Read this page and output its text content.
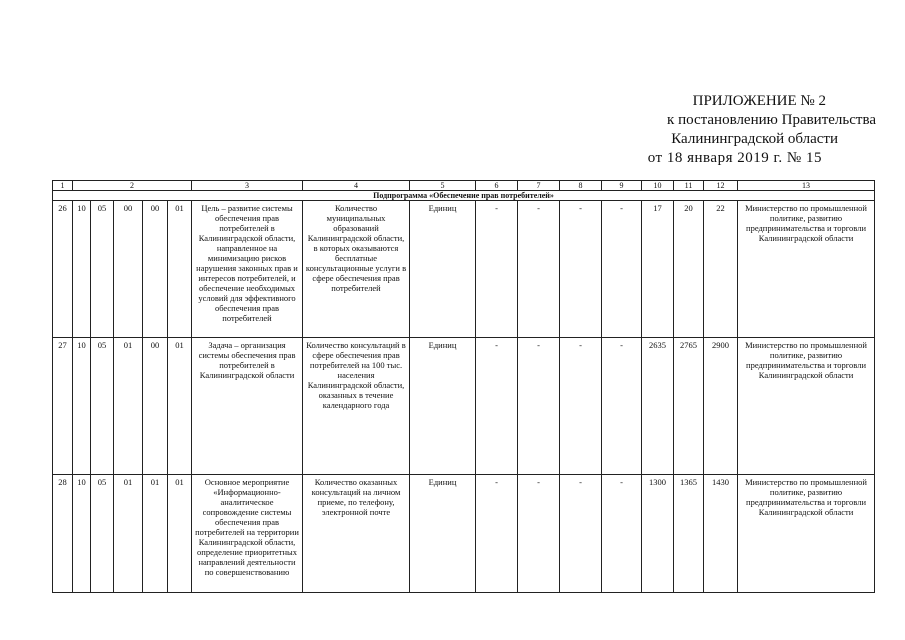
ПРИЛОЖЕНИЕ № 2
к постановлению Правительства
Калининградской области
от 18 января 2019 г. № 15
1	2					3	4	5	6	7	8	9	10	11	12	13
Подпрограмма «Обеспечение прав потребителей»																
26	10	05	00	00	01	Цель – развитие системы обеспечения прав потребителей в Калининградской области, направленное на минимизацию рисков нарушения законных прав и интересов потребителей, и обеспечение необходимых условий для эффективного обеспечения прав потребителей	Количество муниципальных образований Калининградской области, в которых оказываются бесплатные консультационные услуги в сфере обеспечения прав потребителей	Единиц	-	-	-	-	17	20	22	Министерство по промышленной политике, развитию предпринимательства и торговли Калининградской области
27	10	05	01	00	01	Задача – организация системы обеспечения прав потребителей в Калининградской области	Количество консультаций в сфере обеспечения прав потребителей на 100 тыс. населения Калининградской области, оказанных в течение календарного года	Единиц	-	-	-	-	2635	2765	2900	Министерство по промышленной политике, развитию предпринимательства и торговли Калининградской области
28	10	05	01	01	01	Основное мероприятие «Информационно-аналитическое сопровождение системы обеспечения прав потребителей на территории Калининградской области, определение приоритетных направлений деятельности по совершенствованию	Количество оказанных консультаций на личном приеме, по телефону, электронной почте	Единиц	-	-	-	-	1300	1365	1430	Министерство по промышленной политике, развитию предпринимательства и торговли Калининградской области
